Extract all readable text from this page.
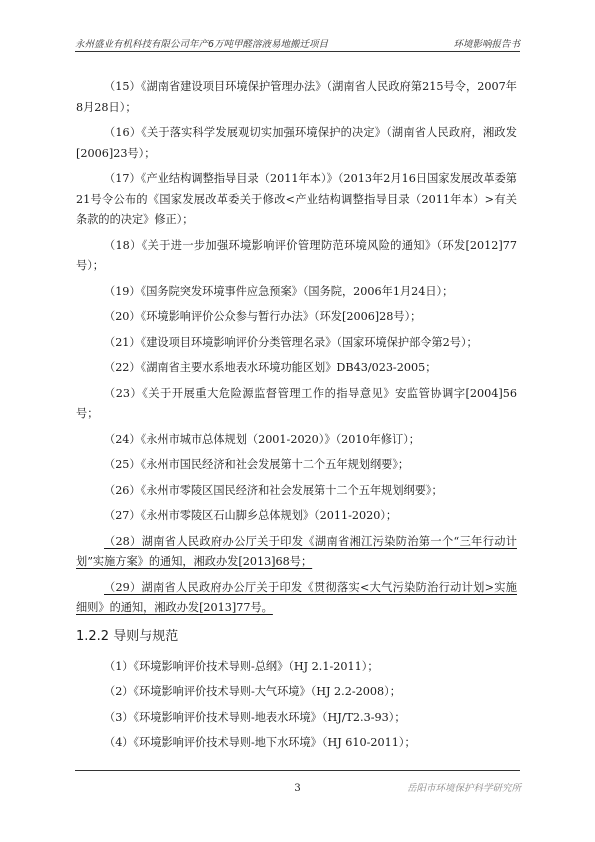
永州盛业有机科技有限公司年产6万吨甲醛溶液易地搬迁项目	环境影响报告书

（15）《湖南省建设项目环境保护管理办法》（湖南省人民政府第215号令，2007年8月28日）；

（16）《关于落实科学发展观切实加强环境保护的决定》（湖南省人民政府，湘政发[2006]23号）；

（17）《产业结构调整指导目录（2011年本）》（2013年2月16日国家发展改革委第21号令公布的《国家发展改革委关于修改<产业结构调整指导目录（2011年本）>有关条款的的决定》修正）；

（18）《关于进一步加强环境影响评价管理防范环境风险的通知》（环发[2012]77号）；

（19）《国务院突发环境事件应急预案》（国务院，2006年1月24日）；

（20）《环境影响评价公众参与暂行办法》（环发[2006]28号）；

（21）《建设项目环境影响评价分类管理名录》（国家环境保护部令第2号）；

（22）《湖南省主要水系地表水环境功能区划》DB43/023-2005；

（23）《关于开展重大危险源监督管理工作的指导意见》安监管协调字[2004]56号；

（24）《永州市城市总体规划（2001-2020）》（2010年修订）；

（25）《永州市国民经济和社会发展第十二个五年规划纲要》；

（26）《永州市零陵区国民经济和社会发展第十二个五年规划纲要》；

（27）《永州市零陵区石山脚乡总体规划》（2011-2020）；

（28）湖南省人民政府办公厅关于印发《湖南省湘江污染防治第一个“三年行动计划”实施方案》的通知，湘政办发[2013]68号；

（29）湖南省人民政府办公厅关于印发《贯彻落实<大气污染防治行动计划>实施细则》的通知，湘政办发[2013]77号。

1.2.2 导则与规范

（1）《环境影响评价技术导则-总纲》（HJ 2.1-2011）；

（2）《环境影响评价技术导则-大气环境》（HJ 2.2-2008）；

（3）《环境影响评价技术导则-地表水环境》（HJ/T2.3-93）；

（4）《环境影响评价技术导则-地下水环境》（HJ 610-2011）；

3	岳阳市环境保护科学研究所
